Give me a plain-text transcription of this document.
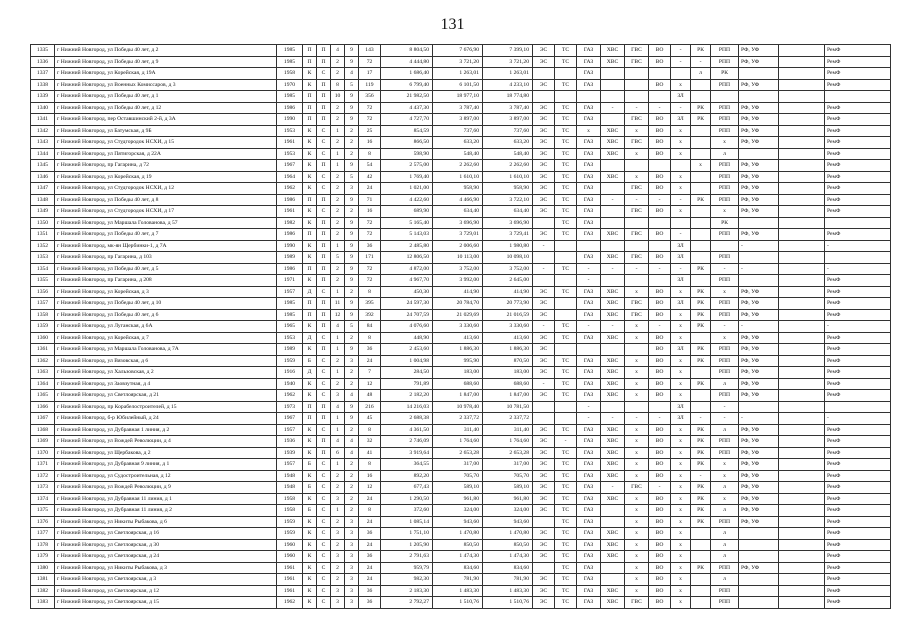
131
1335	г Нижний Новгород, ул Победы 40 лет, д 2	1985	П	П	4	9	143	8 804,50	7 676,90	7 399,10	ЭС	ТС	ГАЗ	ХВС	ГВС	ВО	-	РК	РПП	РФ, УФ		РемФ
1336	г Нижний Новгород, ул Победы 40 лет, д 9	1985	П	П	2	9	72	4 444,80	3 721,20	3 721,20	ЭС	ТС	ГАЗ	ХВС	ГВС	ВО	-	-	РПП	РФ, УФ		РемФ
1337	г Нижний Новгород, ул Корейская, д 19А	1958	К	С	2	4	17	1 686,40	1 263,01	1 263,01			ГАЗ					л	РК			РемФ
1338	г Нижний Новгород, ул Военных Комиссаров, д 3	1970	К	П	8	5	119	6 799,40	6 101,50	4 233,10	ЭС	ТС	ГАЗ			ВО	х		РПП	РФ, УФ		РемФ
1339	г Нижний Новгород, ул Победы 40 лет, д 1	1985	П	П	10	9	356	21 982,50	18 977,10	18 774,80							ЗЛ					
1340	г Нижний Новгород, ул Победы 40 лет, д 12	1986	П	П	2	9	72	4 437,30	3 787,40	3 787,40	ЭС	ТС	ГАЗ	-	-	-	-	РК	РПП	РФ, УФ		РемФ
1341	г Нижний Новгород, пер Оставшинский 2-й, д 3А	1990	П	П	2	9	72	4 727,70	3 897,00	3 897,00	ЭС	ТС	ГАЗ		ГВС	ВО	ЗЛ	РК	РПП	РФ, УФ		РемФ
1342	г Нижний Новгород, ул Батумская, д 9Б	1953	К	С	1	2	25	854,59	737,60	737,60	ЭС	ТС	х	ХВС	х	ВО	х		РПП	РФ, УФ		РемФ
1343	г Нижний Новгород, ул Студгородок НСХИ, д 15	1961	К	С	2	2	16	866,50	633,20	633,20	ЭС	ТС	ГАЗ	ХВС	ГВС	ВО	х		х	РФ, УФ		РемФ
1344	г Нижний Новгород, ул Пятигорская, д 22А	1953	К	С	1	2	8	598,90	548,40	548,40	ЭС	ТС	ГАЗ	ХВС	х	ВО	х		л			РемФ
1345	г Нижний Новгород, пр Гагарина, д 72	1967	К	П	1	9	54	2 575,00	2 262,60	2 262,60	ЭС	ТС	ГАЗ					х	РПП	РФ, УФ		РемФ
1346	г Нижний Новгород, ул Корейская, д 19	1964	К	С	2	5	42	1 769,40	1 610,10	1 610,10	ЭС	ТС	ГАЗ	ХВС	х	ВО	х		РПП	РФ, УФ		РемФ
1347	г Нижний Новгород, ул Студгородок НСХИ, д 12	1962	К	С	2	3	24	1 021,00	958,90	958,90	ЭС	ТС	ГАЗ		ГВС	ВО	х		РПП	РФ, УФ		РемФ
1348	г Нижний Новгород, ул Победы 40 лет, д 8	1986	П	П	2	9	71	4 422,60	4 466,90	3 722,10	ЭС	ТС	ГАЗ	-	-	-	-	РК	РПП	РФ, УФ		РемФ
1349	г Нижний Новгород, ул Студгородок НСХИ, д 17	1961	К	С	2	2	16	689,90	634,40	634,40	ЭС	ТС	ГАЗ		ГВС	ВО	х		х	РФ, УФ		РемФ
1350	г Нижний Новгород, ул Маршала Голованова, д 57	1982	К	П	2	9	72	5 165,40	3 696,90	3 696,90		ТС	ГАЗ						РК			
1351	г Нижний Новгород, ул Победы 40 лет, д 7	1986	П	П	2	9	72	5 143,03	3 729,01	3 729,41	ЭС	ТС	ГАЗ	ХВС	ГВС	ВО	-		РПП	РФ, УФ		РемФ
1352	г Нижний Новгород, мк-ян Щербинки-1, д 7А	1990	К	П	1	9	36	2 485,80	2 006,60	1 980,80	-						ЗЛ			-		-
1353	г Нижний Новгород, пр Гагарина, д 103	1989	К	П	5	9	171	12 806,50	10 113,00	10 098,10			ГАЗ	ХВС	ГВС	ВО	ЗЛ		РПП			
1354	г Нижний Новгород, ул Победы 40 лет, д 5	1986	П	П	2	9	72	4 872,00	3 752,00	3 752,00	-	ТС	-	-	-	-	-	РК	-	-		-
1355	г Нижний Новгород, пр Гагарина, д 208	1971	К	П	2	9	72	4 967,70	3 992,00	2 645,00			-				ЗЛ		РПП			РемФ
1356	г Нижний Новгород, ул Корейская, д 3	1957	Д	С	1	2	8	450,30	414,90	414,90	ЭС	ТС	ГАЗ	ХВС	х	ВО	х	РК	х	РФ, УФ		РемФ
1357	г Нижний Новгород, ул Победы 40 лет, д 10	1985	П	П	11	9	395	24 597,30	20 784,70	20 773,90	ЭС		ГАЗ	ХВС	ГВС	ВО	ЗЛ	РК	РПП	РФ, УФ		РемФ
1358	г Нижний Новгород, ул Победы 40 лет, д 6	1985	П	П	12	9	392	24 707,59	21 029,69	21 016,59	ЭС		ГАЗ	ХВС	ГВС	ВО	х	РК	РПП	РФ, УФ		РемФ
1359	г Нижний Новгород, ул Луганская, д 6А	1965	К	П	4	5	84	4 076,60	3 330,60	3 330,60	-	ТС	-	-	х	-	х	РК	-	-		-
1360	г Нижний Новгород, ул Корейская, д 7	1953	Д	С	1	2	8	448,90	413,60	413,60	ЭС	ТС	ГАЗ	ХВС	х	ВО	х		х	РФ, УФ		РемФ
1361	г Нижний Новгород, ул Маршала Голованова, д 7А	1989	К	П	1	9	36	2 453,60	1 886,30	1 886,30	ЭС					ВО	ЗЛ	РК	РПП	РФ, УФ		РемФ
1362	г Нижний Новгород, ул Вязовская, д 6	1959	Б	С	2	3	24	1 004,98	995,90	870,50	ЭС	ТС	ГАЗ	ХВС	х	ВО	х	РК	РПП	РФ, УФ		РемФ
1363	г Нижний Новгород, ул Хальзовская, д 2	1916	Д	С	1	2	7	284,50	183,00	183,00	ЭС	ТС	ГАЗ	ХВС	х	ВО	х		РПП	РФ, УФ		РемФ
1364	г Нижний Новгород, ул Заовзутная, д 4	1940	К	С	2	2	12	791,89	688,60	688,60	-	ТС	ГАЗ	ХВС	х	ВО	х	РК	л	РФ, УФ		РемФ
1365	г Нижний Новгород, ул Светлоярская, д 21	1962	К	С	3	4	48	2 182,20	1 847,00	1 847,00	ЭС	ТС	ГАЗ	ХВС	х	ВО	х		РПП	РФ, УФ		РемФ
1366	г Нижний Новгород, пр Корабелостроителей, д 15	1973	П	П	4	9	216	14 216,03	10 978,40	10 781,50			-				ЗЛ		-			
1367	г Нижний Новгород, б-р Юбилейный, д 24	1967	П	П	1	9	45	2 688,38	2 337,72	2 337,72			-	-	-	-	ЗЛ	-	-	-		-
1368	г Нижний Новгород, ул Дубравная 1 линия, д 2	1957	К	С	1	2	8	4 361,50	311,40	311,40	ЭС	ТС	ГАЗ	ХВС	х	ВО	х	РК	л	РФ, УФ		РемФ
1369	г Нижний Новгород, ул Вождей Революции, д 4	1936	К	П	4	4	32	2 746,09	1 764,60	1 764,60	ЭС	-	ГАЗ	ХВС	х	ВО	х	РК	РПП	РФ, УФ		РемФ
1370	г Нижний Новгород, ул Щербакова, д 2	1939	К	П	6	4	41	3 919,64	2 653,28	2 653,28	ЭС	ТС	ГАЗ	ХВС	х	ВО	х	РК	РПП	РФ, УФ		РемФ
1371	г Нижний Новгород, ул Дубравная 9 линия, д 1	1957	Б	С	1	2	8	364,55	317,00	317,00	ЭС	ТС	ГАЗ	ХВС	х	ВО	х	РК	х	РФ, УФ		РемФ
1372	г Нижний Новгород, ул Судостроительная, д 12	1948	К	С	2	2	16	892,20	705,70	705,70	ЭС	ТС	ГАЗ	ХВС	х	ВО	х	-	х	РФ, УФ		РемФ
1373	г Нижний Новгород, ул Вождей Революции, д 9	1948	Б	С	2	2	12	677,43	589,10	589,10	ЭС	ТС	ГАЗ	-	ГВС	-	х	РК	л	РФ, УФ		РемФ
1374	г Нижний Новгород, ул Дубравная 11 линия, д 1	1958	К	С	3	2	24	1 290,50	961,80	961,80	ЭС	ТС	ГАЗ	ХВС	х	ВО	х	РК	х	РФ, УФ		РемФ
1375	г Нижний Новгород, ул Дубравная 11 линия, д 2	1958	Б	С	1	2	8	372,60	324,00	324,00	ЭС	ТС	ГАЗ		х	ВО	х	РК	л	РФ, УФ		РемФ
1376	г Нижний Новгород, ул Никиты Рыбакова, д 6	1959	К	С	2	3	24	1 085,14	943,60	943,60		ТС	ГАЗ		х	ВО	х	РК	РПП	РФ, УФ		РемФ
1377	г Нижний Новгород, ул Светлоярская, д 16	1959	К	С	3	3	36	1 751,10	1 470,80	1 470,80	ЭС	ТС	ГАЗ	ХВС	х	ВО	х		л			РемФ
1378	г Нижний Новгород, ул Светлоярская, д 30	1960	К	С	2	3	24	1 205,90	850,50	850,50	ЭС	ТС	ГАЗ	ХВС	х	ВО	х		л			РемФ
1379	г Нижний Новгород, ул Светлоярская, д 24	1960	К	С	3	3	36	2 791,63	1 474,30	1 474,30	ЭС	ТС	ГАЗ	ХВС	х	ВО	х		л			РемФ
1380	г Нижний Новгород, ул Никиты Рыбакова, д 3	1961	К	С	2	3	24	959,79	834,60	834,60		ТС	ГАЗ		х	ВО	х	РК	РПП	РФ, УФ		РемФ
1381	г Нижний Новгород, ул Светлоярская, д 3	1961	К	С	2	3	24	982,30	781,90	781,90	ЭС	ТС	ГАЗ		х	ВО	х		л			РемФ
1382	г Нижний Новгород, ул Светлоярская, д 12	1961	К	С	3	3	36	2 183,30	1 483,30	1 483,30	ЭС	ТС	ГАЗ	ХВС	х	ВО	х		РПП			РемФ
1383	г Нижний Новгород, ул Светлоярская, д 15	1962	К	С	3	3	36	2 792,27	1 510,76	1 510,76	ЭС	ТС	ГАЗ	ХВС	ГВС	ВО	х		РПП			РемФ
